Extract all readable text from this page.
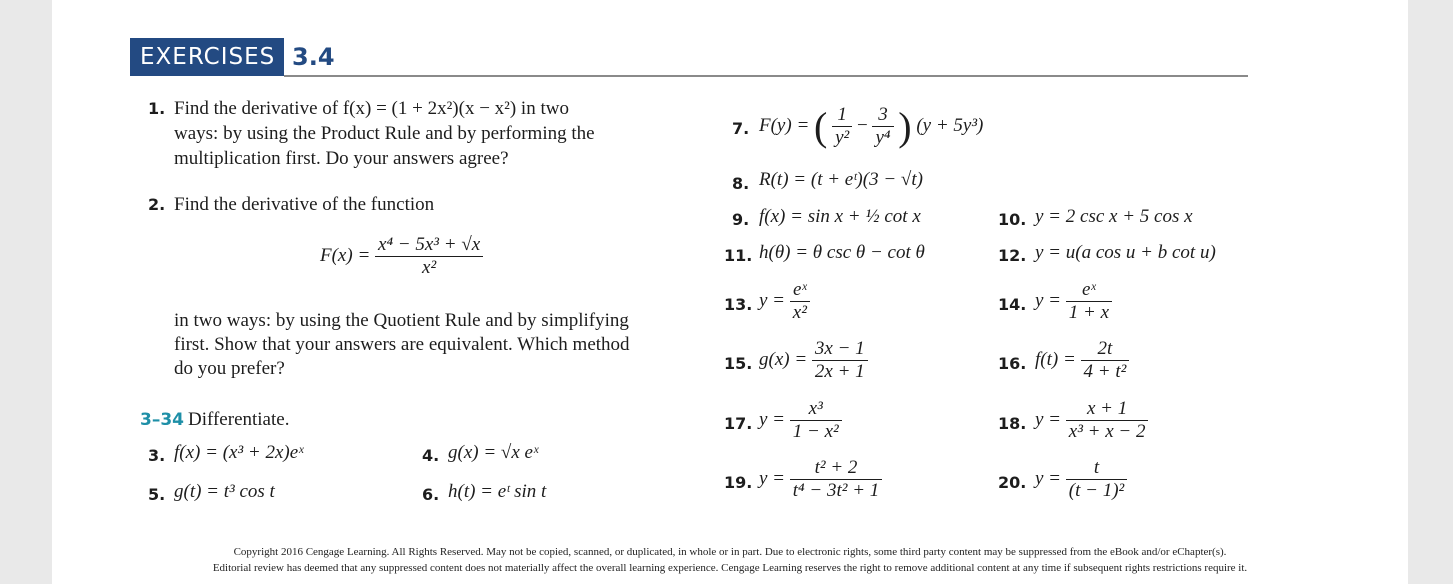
EXERCISES 3.4
1. Find the derivative of f(x) = (1 + 2x²)(x − x²) in two
ways: by using the Product Rule and by performing the
multiplication first. Do your answers agree?
2. Find the derivative of the function
$F(x) = \frac{\text{x⁴ − 5x³ + √x}}{\text{x²}}$
in two ways: by using the Quotient Rule and by simplifying
first. Show that your answers are equivalent. Which method
do you prefer?
3–34 Differentiate.
3. f(x) = (x³ + 2x)eˣ	4. g(x) = √x eˣ
5. g(t) = t³ cos t	6. h(t) = eᵗ sin t
7. F(y) = ( $\frac{1}{\text{y²}} - \frac{3}{\text{y⁴}}$ ) (y + 5y³)
8. R(t) = (t + eᵗ)(3 − √t)
9. f(x) = sin x + ½ cot x	10. y = 2 csc x + 5 cos x
11. h(θ) = θ csc θ − cot θ	12. y = u(a cos u + b cot u)
13. $y = \frac{\text{eˣ}}{\text{x²}}$	14. $y = \frac{\text{eˣ}}{1 + x}$
15. $g(x) = \frac{3x - 1}{2x + 1}$	16. $f(t) = \frac{2t}{\text{4 + t²}}$
17. $y = \frac{\text{x³}}{\text{1 − x²}}$	18. $y = \frac{x + 1}{\text{x³ + x − 2}}$
19. $y = \frac{\text{t² + 2}}{\text{t⁴ − 3t² + 1}}$	20. $y = \frac{t}{\text{(t − 1)²}}$
Copyright 2016 Cengage Learning. All Rights Reserved. May not be copied, scanned, or duplicated, in whole or in part. Due to electronic rights, some third party content may be suppressed from the eBook and/or eChapter(s).
Editorial review has deemed that any suppressed content does not materially affect the overall learning experience. Cengage Learning reserves the right to remove additional content at any time if subsequent rights restrictions require it.
